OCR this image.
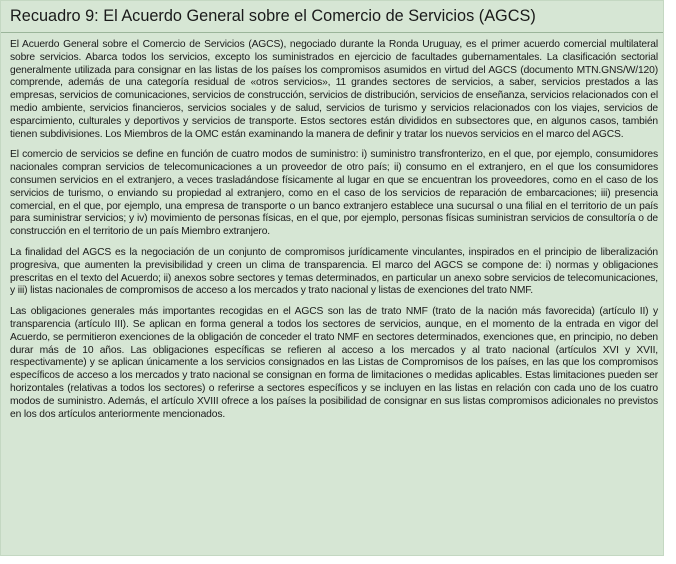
Recuadro 9: El Acuerdo General sobre el Comercio de Servicios (AGCS)

El Acuerdo General sobre el Comercio de Servicios (AGCS), negociado durante la Ronda Uruguay, es el primer acuerdo comercial multilateral sobre servicios. Abarca todos los servicios, excepto los suministrados en ejercicio de facultades gubernamentales. La clasificación sectorial generalmente utilizada para consignar en las listas de los países los compromisos asumidos en virtud del AGCS (documento MTN.GNS/W/120) comprende, además de una categoría residual de «otros servicios», 11 grandes sectores de servicios, a saber, servicios prestados a las empresas, servicios de comunicaciones, servicios de construcción, servicios de distribución, servicios de enseñanza, servicios relacionados con el medio ambiente, servicios financieros, servicios sociales y de salud, servicios de turismo y servicios relacionados con los viajes, servicios de esparcimiento, culturales y deportivos y servicios de transporte. Estos sectores están divididos en subsectores que, en algunos casos, también tienen subdivisiones. Los Miembros de la OMC están examinando la manera de definir y tratar los nuevos servicios en el marco del AGCS.

El comercio de servicios se define en función de cuatro modos de suministro: i) suministro transfronterizo, en el que, por ejemplo, consumidores nacionales compran servicios de telecomunicaciones a un proveedor de otro país; ii) consumo en el extranjero, en el que los consumidores consumen servicios en el extranjero, a veces trasladándose físicamente al lugar en que se encuentran los proveedores, como en el caso de los servicios de turismo, o enviando su propiedad al extranjero, como en el caso de los servicios de reparación de embarcaciones; iii) presencia comercial, en el que, por ejemplo, una empresa de transporte o un banco extranjero establece una sucursal o una filial en el territorio de un país para suministrar servicios; y iv) movimiento de personas físicas, en el que, por ejemplo, personas físicas suministran servicios de consultoría o de construcción en el territorio de un país Miembro extranjero.

La finalidad del AGCS es la negociación de un conjunto de compromisos jurídicamente vinculantes, inspirados en el principio de liberalización progresiva, que aumenten la previsibilidad y creen un clima de transparencia. El marco del AGCS se compone de: i) normas y obligaciones prescritas en el texto del Acuerdo; ii) anexos sobre sectores y temas determinados, en particular un anexo sobre servicios de telecomunicaciones, y iii) listas nacionales de compromisos de acceso a los mercados y trato nacional y listas de exenciones del trato NMF.

Las obligaciones generales más importantes recogidas en el AGCS son las de trato NMF (trato de la nación más favorecida) (artículo II) y transparencia (artículo III). Se aplican en forma general a todos los sectores de servicios, aunque, en el momento de la entrada en vigor del Acuerdo, se permitieron exenciones de la obligación de conceder el trato NMF en sectores determinados, exenciones que, en principio, no deben durar más de 10 años. Las obligaciones específicas se refieren al acceso a los mercados y al trato nacional (artículos XVI y XVII, respectivamente) y se aplican únicamente a los servicios consignados en las Listas de Compromisos de los países, en las que los compromisos específicos de acceso a los mercados y trato nacional se consignan en forma de limitaciones o medidas aplicables. Estas limitaciones pueden ser horizontales (relativas a todos los sectores) o referirse a sectores específicos y se incluyen en las listas en relación con cada uno de los cuatro modos de suministro. Además, el artículo XVIII ofrece a los países la posibilidad de consignar en sus listas compromisos adicionales no previstos en los dos artículos anteriormente mencionados.
